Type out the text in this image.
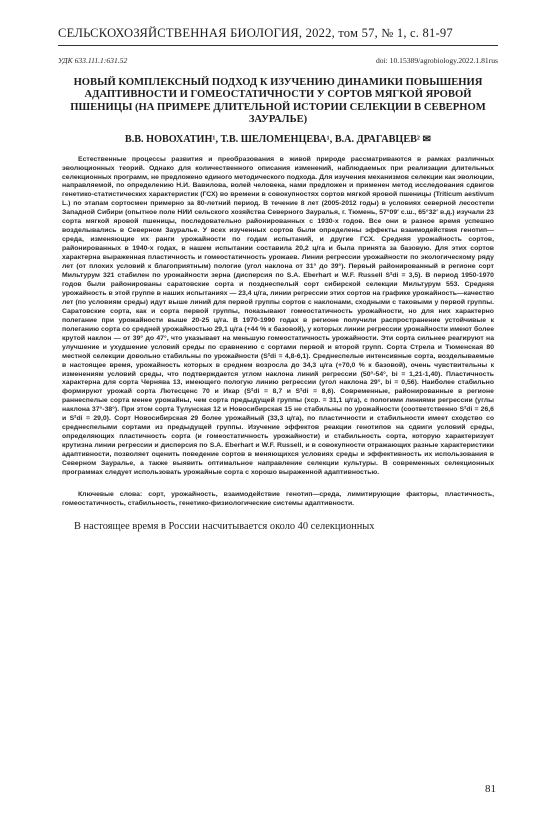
СЕЛЬСКОХОЗЯЙСТВЕННАЯ БИОЛОГИЯ, 2022, том 57, № 1, с. 81-97
УДК 633.111.1:631.52	doi: 10.15389/agrobiology.2022.1.81rus
НОВЫЙ КОМПЛЕКСНЫЙ ПОДХОД К ИЗУЧЕНИЮ ДИНАМИКИ ПОВЫШЕНИЯ АДАПТИВНОСТИ И ГОМЕОСТАТИЧНОСТИ У СОРТОВ МЯГКОЙ ЯРОВОЙ ПШЕНИЦЫ (НА ПРИМЕРЕ ДЛИТЕЛЬНОЙ ИСТОРИИ СЕЛЕКЦИИ В СЕВЕРНОМ ЗАУРАЛЬЕ)
В.В. НОВОХАТИН¹, Т.В. ШЕЛОМЕНЦЕВА¹, В.А. ДРАГАВЦЕВ² ✉

Естественные процессы развития и преобразования в живой природе рассматриваются в рамках различных эволюционных теорий. Однако для количественного описания изменений, наблюдаемых при реализации длительных селекционных программ, не предложено единого методического подхода. Для изучения механизмов селекции как эволюции, направляемой, по определению Н.И. Вавилова, волей человека, нами предложен и применен метод исследования сдвигов генетико-статистических характеристик (ГСХ) во времени в совокупностях сортов мягкой яровой пшеницы (Triticum aestivum L.) по этапам сортосмен примерно за 80-летний период. В течение 8 лет (2005-2012 годы) в условиях северной лесостепи Западной Сибири (опытное поле НИИ сельского хозяйства Северного Зауралья, г. Тюмень, 57°09′ с.ш., 65°32′ в.д.) изучали 23 сорта мягкой яровой пшеницы, последовательно районированных с 1930-х годов. Все они в разное время успешно возделывались в Северном Зауралье. У всех изученных сортов были определены эффекты взаимодействия генотип—среда, изменяющие их ранги урожайности по годам испытаний, и другие ГСХ. Средняя урожайность сортов, районированных в 1940-х годах, в нашем испытании составила 20,2 ц/га и была принята за базовую. Для этих сортов характерна выраженная пластичность и гомеостатичность урожаев. Линии регрессии урожайности по экологическому ряду лет (от плохих условий к благоприятным) пологие (угол наклона от 31° до 39°). Первый районированный в регионе сорт Мильтурум 321 стабилен по урожайности зерна (дисперсия по S.A. Eberhart и W.F. Russell S²di = 3,5). В период 1950-1970 годов были районированы саратовские сорта и позднеспелый сорт сибирской селекции Мильтурум 553. Средняя урожайность в этой группе в наших испытаниях — 23,4 ц/га, линии регрессии этих сортов на графике урожайность—качество лет (по условиям среды) идут выше линий для первой группы сортов с наклонами, сходными с таковыми у первой группы. Саратовские сорта, как и сорта первой группы, показывают гомеостатичность урожайности, но для них характерно полегание при урожайности выше 20-25 ц/га. В 1970-1990 годах в регионе получили распространение устойчивые к полеганию сорта со средней урожайностью 29,1 ц/га (+44 % к базовой), у которых линии регрессии урожайности имеют более крутой наклон — от 39° до 47°, что указывает на меньшую гомеостатичность урожайности. Эти сорта сильнее реагируют на улучшение и ухудшение условий среды по сравнению с сортами первой и второй групп. Сорта Стрела и Тюменская 80 местной селекции довольно стабильны по урожайности (S²di = 4,8-6,1). Среднеспелые интенсивные сорта, возделываемые в настоящее время, урожайность которых в среднем возросла до 34,3 ц/га (+70,0 % к базовой), очень чувствительны к изменениям условий среды, что подтверждается углом наклона линий регрессии (50°-54°, bi = 1,21-1,40). Пластичность характерна для сорта Чернява 13, имеющего пологую линию регрессии (угол наклона 29°, bi = 0,56). Наиболее стабильно формируют урожай сорта Лютесценс 70 и Икар (S²di = 8,7 и S²di = 8,6). Современные, районированные в регионе раннеспелые сорта менее урожайны, чем сорта предыдущей группы (xср. = 31,1 ц/га), с пологими линиями регрессии (углы наклона 37°-38°). При этом сорта Тулунская 12 и Новосибирская 15 не стабильны по урожайности (соответственно S²di = 26,6 и S²di = 29,0). Сорт Новосибирская 29 более урожайный (33,3 ц/га), по пластичности и стабильности имеет сходство со среднеспелыми сортами из предыдущей группы. Изучение эффектов реакции генотипов на сдвиги условий среды, определяющих пластичность сорта (и гомеостатичность урожайности) и стабильность сорта, которую характеризует крутизна линии регрессии и дисперсия по S.A. Eberhart и W.F. Russell, и в совокупности отражающих разные характеристики адаптивности, позволяет оценить поведение сортов в меняющихся условиях среды и эффективность их использования в Северном Зауралье, а также выявить оптимальное направление селекции культуры. В современных селекционных программах следует использовать урожайные сорта с хорошо выраженной адаптивностью.

Ключевые слова: сорт, урожайность, взаимодействие генотип—среда, лимитирующие факторы, пластичность, гомеостатичность, стабильность, генетико-физиологические системы адаптивности.

В настоящее время в России насчитывается около 40 селекционных

81
